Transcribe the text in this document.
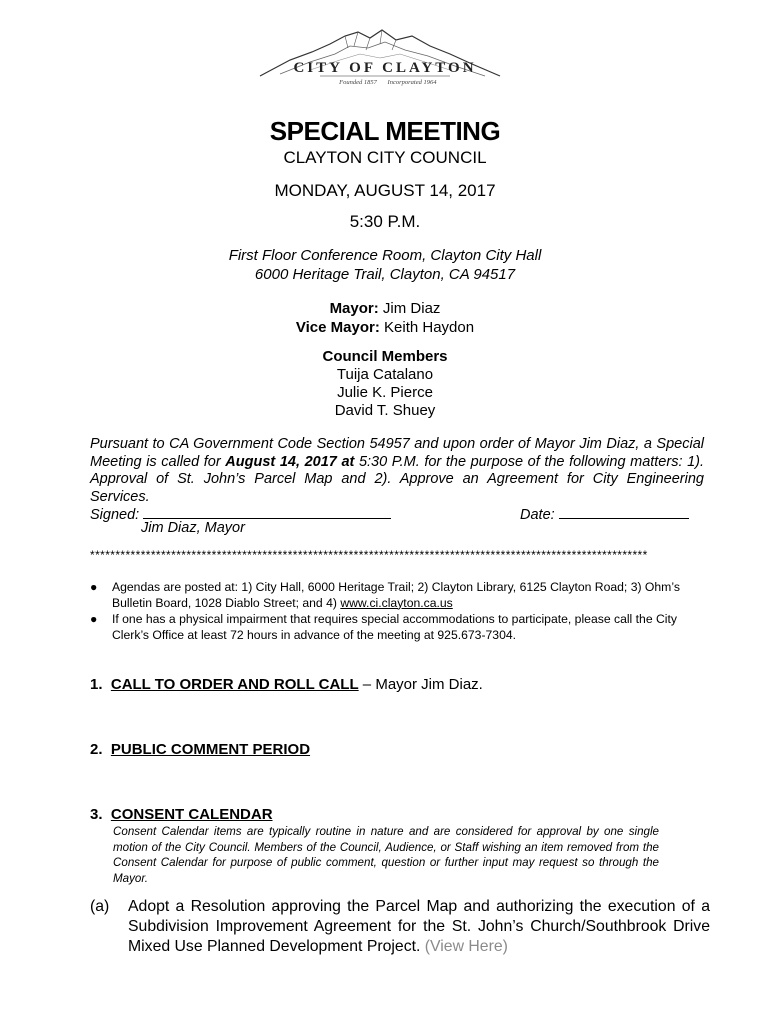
CITY OF CLAYTON
Founded 1857 Incorporated 1964
SPECIAL MEETING
CLAYTON CITY COUNCIL
MONDAY, AUGUST 14, 2017
5:30 P.M.
First Floor Conference Room, Clayton City Hall
6000 Heritage Trail, Clayton, CA 94517
Mayor: Jim Diaz
Vice Mayor: Keith Haydon
Council Members
Tuija Catalano
Julie K. Pierce
David T. Shuey
Pursuant to CA Government Code Section 54957 and upon order of Mayor Jim Diaz, a Special Meeting is called for August 14, 2017 at 5:30 P.M. for the purpose of the following matters: 1). Approval of St. John’s Parcel Map and 2). Approve an Agreement for City Engineering Services.
Signed:
Jim Diaz, Mayor
Date:
**************************************************************************************************************
●	Agendas are posted at: 1) City Hall, 6000 Heritage Trail; 2) Clayton Library, 6125 Clayton Road; 3) Ohm’s Bulletin Board, 1028 Diablo Street; and 4) www.ci.clayton.ca.us
●	If one has a physical impairment that requires special accommodations to participate, please call the City Clerk’s Office at least 72 hours in advance of the meeting at 925.673-7304.
1. CALL TO ORDER AND ROLL CALL – Mayor Jim Diaz.
2. PUBLIC COMMENT PERIOD
3. CONSENT CALENDAR
Consent Calendar items are typically routine in nature and are considered for approval by one single motion of the City Council. Members of the Council, Audience, or Staff wishing an item removed from the Consent Calendar for purpose of public comment, question or further input may request so through the Mayor.
(a)	Adopt a Resolution approving the Parcel Map and authorizing the execution of a Subdivision Improvement Agreement for the St. John’s Church/Southbrook Drive Mixed Use Planned Development Project. (View Here)
